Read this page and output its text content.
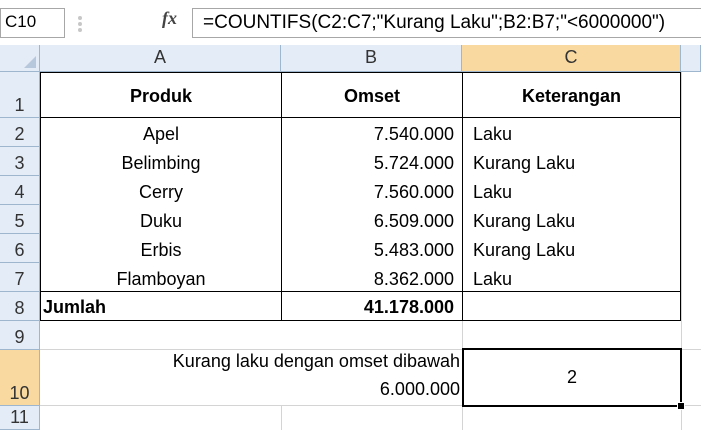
C10	fx	=COUNTIFS(C2:C7;"Kurang Laku";B2:B7;"<6000000")
A	B	C
1
2
3
4
5
6
7
8
9
10
11
Produk	Omset	Keterangan
Apel	7.540.000	Laku
Belimbing	5.724.000	Kurang Laku
Cerry	7.560.000	Laku
Duku	6.509.000	Kurang Laku
Erbis	5.483.000	Kurang Laku
Flamboyan	8.362.000	Laku
Jumlah	41.178.000
Kurang laku dengan omset dibawah
6.000.000
2
